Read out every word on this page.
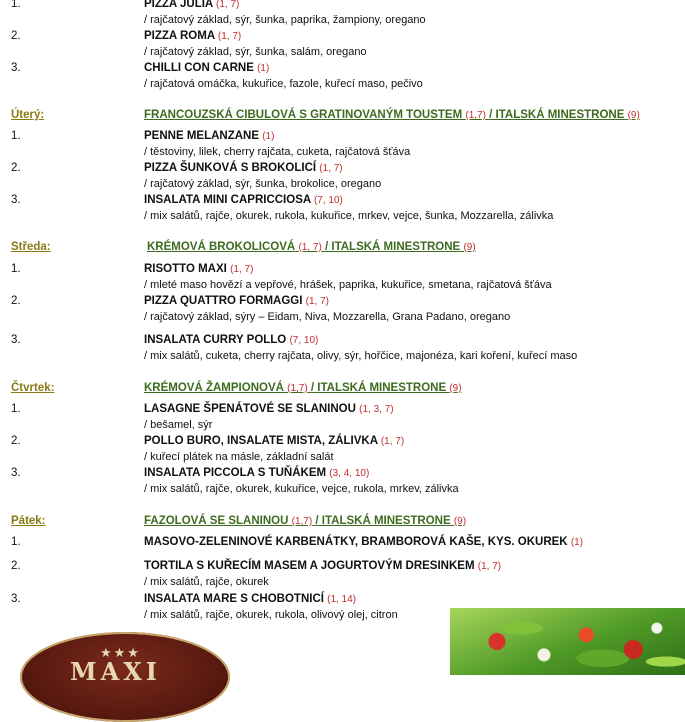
1.	PIZZA JULIA (1, 7)
/ rajčatový základ, sýr, šunka, paprika, žampiony, oregano
2.	PIZZA ROMA (1, 7)
/ rajčatový základ, sýr, šunka, salám, oregano
3.	CHILLI CON CARNE (1)
/ rajčatová omáčka, kukuřice, fazole, kuřecí maso, pečivo
Úterý:	FRANCOUZSKÁ CIBULOVÁ S GRATINOVANÝM TOUSTEM (1,7) / ITALSKÁ MINESTRONE (9)
1.	PENNE MELANZANE (1)
/ těstoviny, lilek, cherry rajčata, cuketa, rajčatová šťáva
2.	PIZZA ŠUNKOVÁ S BROKOLICÍ (1, 7)
/ rajčatový základ, sýr, šunka, brokolice, oregano
3.	INSALATA MINI CAPRICCIOSA (7, 10)
/ mix salátů, rajče, okurek, rukola, kukuřice, mrkev, vejce, šunka, Mozzarella, zálivka
Středa:	KRÉMOVÁ BROKOLICOVÁ (1, 7) / ITALSKÁ MINESTRONE (9)
1.	RISOTTO MAXI (1, 7)
/ mleté maso hovězí a vepřové, hrášek, paprika, kukuřice, smetana, rajčatová šťáva
2.	PIZZA QUATTRO FORMAGGI (1, 7)
/ rajčatový základ, sýry – Eidam, Niva, Mozzarella, Grana Padano, oregano
3.	INSALATA CURRY POLLO (7, 10)
/ mix salátů, cuketa, cherry rajčata, olivy, sýr, hořčice, majonéza, kari koření, kuřecí maso
Čtvrtek:	KRÉMOVÁ ŽAMPIONOVÁ (1,7) / ITALSKÁ MINESTRONE (9)
1.	LASAGNE ŠPENÁTOVÉ SE SLANINOU (1, 3, 7)
/ bešamel, sýr
2.	POLLO BURO, INSALATE MISTA, ZÁLIVKA (1, 7)
/ kuřecí plátek na másle, základní salát
3.	INSALATA PICCOLA S TUŇÁKEM (3, 4, 10)
/ mix salátů, rajče, okurek, kukuřice, vejce, rukola, mrkev, zálivka
Pátek:	FAZOLOVÁ SE SLANINOU (1,7) / ITALSKÁ MINESTRONE (9)
1.	MASOVO-ZELENINOVÉ KARBENÁTKY, BRAMBOROVÁ KAŠE, KYS. OKUREK (1)
2.	TORTILA S KUŘECÍM MASEM A JOGURTOVÝM DRESINKEM (1, 7)
/ mix salátů, rajče, okurek
3.	INSALATA MARE S CHOBOTNICÍ (1, 14)
/ mix salátů, rajče, okurek, rukola, olivový olej, citron
★★★
MAXI
